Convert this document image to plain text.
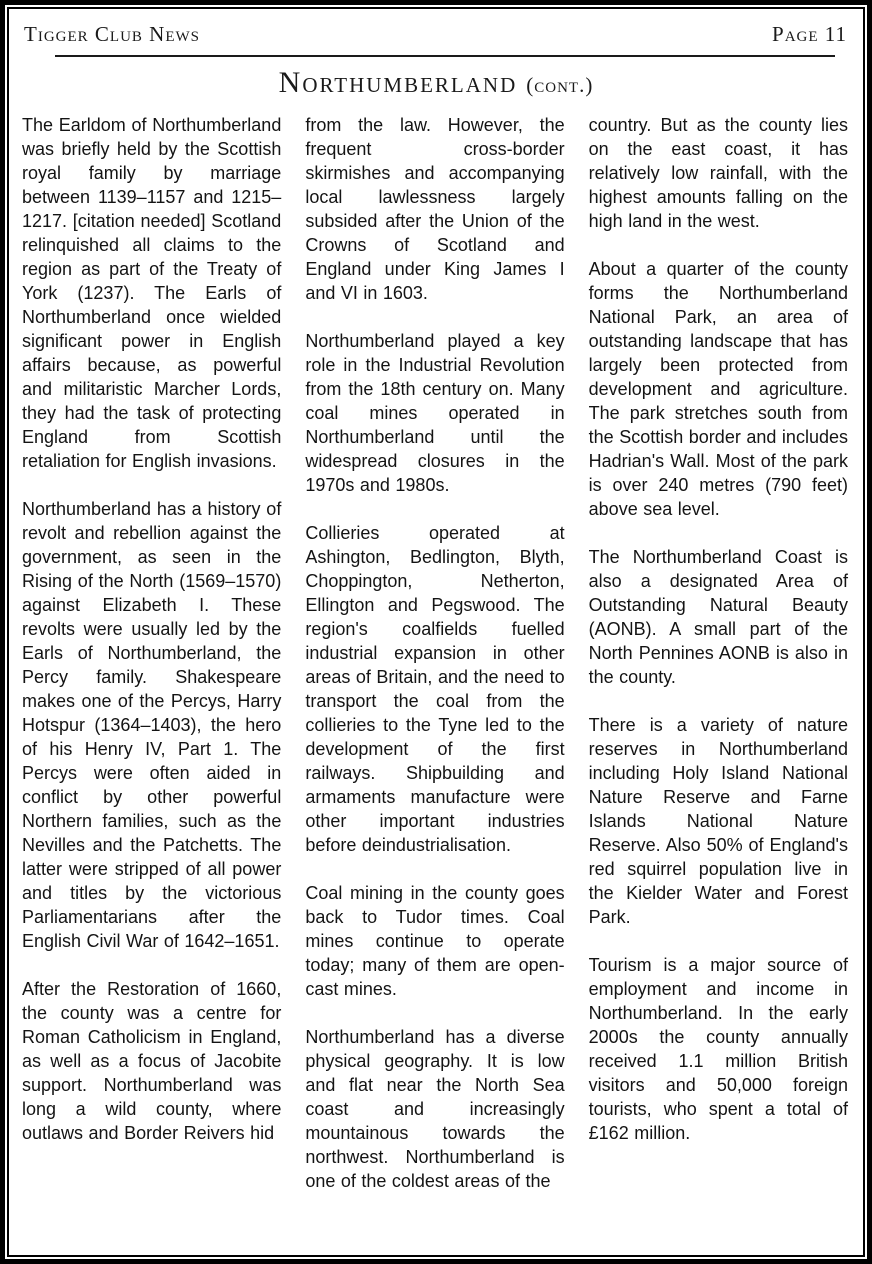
Tigger Club News	Page 11
Northumberland (cont.)

The Earldom of Northumberland was briefly held by the Scottish royal family by marriage between 1139–1157 and 1215–1217. [citation needed] Scotland relinquished all claims to the region as part of the Treaty of York (1237). The Earls of Northumberland once wielded significant power in English affairs because, as powerful and militaristic Marcher Lords, they had the task of protecting England from Scottish retaliation for English invasions.

Northumberland has a history of revolt and rebellion against the government, as seen in the Rising of the North (1569–1570) against Elizabeth I. These revolts were usually led by the Earls of Northumberland, the Percy family. Shakespeare makes one of the Percys, Harry Hotspur (1364–1403), the hero of his Henry IV, Part 1. The Percys were often aided in conflict by other powerful Northern families, such as the Nevilles and the Patchetts. The latter were stripped of all power and titles by the victorious Parliamentarians after the English Civil War of 1642–1651.

After the Restoration of 1660, the county was a centre for Roman Catholicism in England, as well as a focus of Jacobite support. Northumberland was long a wild county, where outlaws and Border Reivers hid

from the law. However, the frequent cross-border skirmishes and accompanying local lawlessness largely subsided after the Union of the Crowns of Scotland and England under King James I and VI in 1603.

Northumberland played a key role in the Industrial Revolution from the 18th century on. Many coal mines operated in Northumberland until the widespread closures in the 1970s and 1980s.

Collieries operated at Ashington, Bedlington, Blyth, Choppington, Netherton, Ellington and Pegswood. The region's coalfields fuelled industrial expansion in other areas of Britain, and the need to transport the coal from the collieries to the Tyne led to the development of the first railways. Shipbuilding and armaments manufacture were other important industries before deindustrialisation.

Coal mining in the county goes back to Tudor times. Coal mines continue to operate today; many of them are open-cast mines.

Northumberland has a diverse physical geography. It is low and flat near the North Sea coast and increasingly mountainous towards the northwest. Northumberland is one of the coldest areas of the

country. But as the county lies on the east coast, it has relatively low rainfall, with the highest amounts falling on the high land in the west.

About a quarter of the county forms the Northumberland National Park, an area of outstanding landscape that has largely been protected from development and agriculture. The park stretches south from the Scottish border and includes Hadrian's Wall. Most of the park is over 240 metres (790 feet) above sea level.

The Northumberland Coast is also a designated Area of Outstanding Natural Beauty (AONB). A small part of the North Pennines AONB is also in the county.

There is a variety of nature reserves in Northumberland including Holy Island National Nature Reserve and Farne Islands National Nature Reserve. Also 50% of England's red squirrel population live in the Kielder Water and Forest Park.

Tourism is a major source of employment and income in Northumberland. In the early 2000s the county annually received 1.1 million British visitors and 50,000 foreign tourists, who spent a total of £162 million.
